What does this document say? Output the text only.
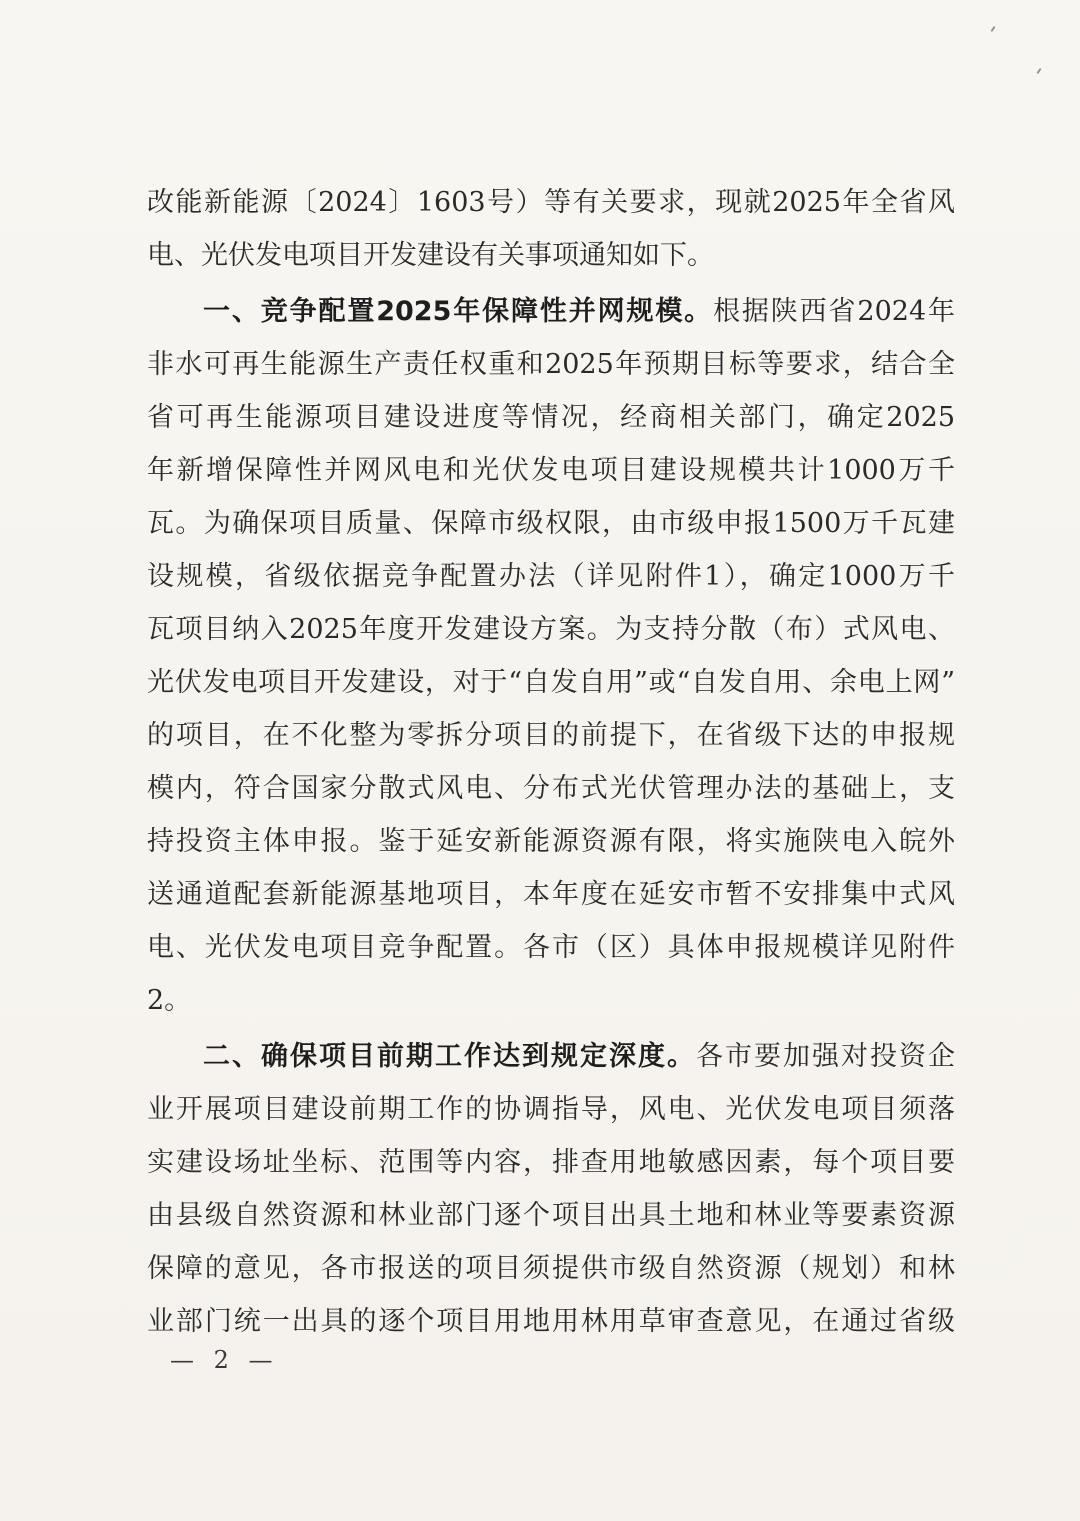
改能新能源〔2024〕1603号）等有关要求，现就2025年全省风
电、光伏发电项目开发建设有关事项通知如下。
一、竞争配置2025年保障性并网规模。根据陕西省2024年
非水可再生能源生产责任权重和2025年预期目标等要求，结合全
省可再生能源项目建设进度等情况，经商相关部门，确定2025
年新增保障性并网风电和光伏发电项目建设规模共计1000万千
瓦。为确保项目质量、保障市级权限，由市级申报1500万千瓦建
设规模，省级依据竞争配置办法（详见附件1），确定1000万千
瓦项目纳入2025年度开发建设方案。为支持分散（布）式风电、
光伏发电项目开发建设，对于“自发自用”或“自发自用、余电上网”
的项目，在不化整为零拆分项目的前提下，在省级下达的申报规
模内，符合国家分散式风电、分布式光伏管理办法的基础上，支
持投资主体申报。鉴于延安新能源资源有限，将实施陕电入皖外
送通道配套新能源基地项目，本年度在延安市暂不安排集中式风
电、光伏发电项目竞争配置。各市（区）具体申报规模详见附件
2。
二、确保项目前期工作达到规定深度。各市要加强对投资企
业开展项目建设前期工作的协调指导，风电、光伏发电项目须落
实建设场址坐标、范围等内容，排查用地敏感因素，每个项目要
由县级自然资源和林业部门逐个项目出具土地和林业等要素资源
保障的意见，各市报送的项目须提供市级自然资源（规划）和林
业部门统一出具的逐个项目用地用林用草审查意见，在通过省级
— 2 —
